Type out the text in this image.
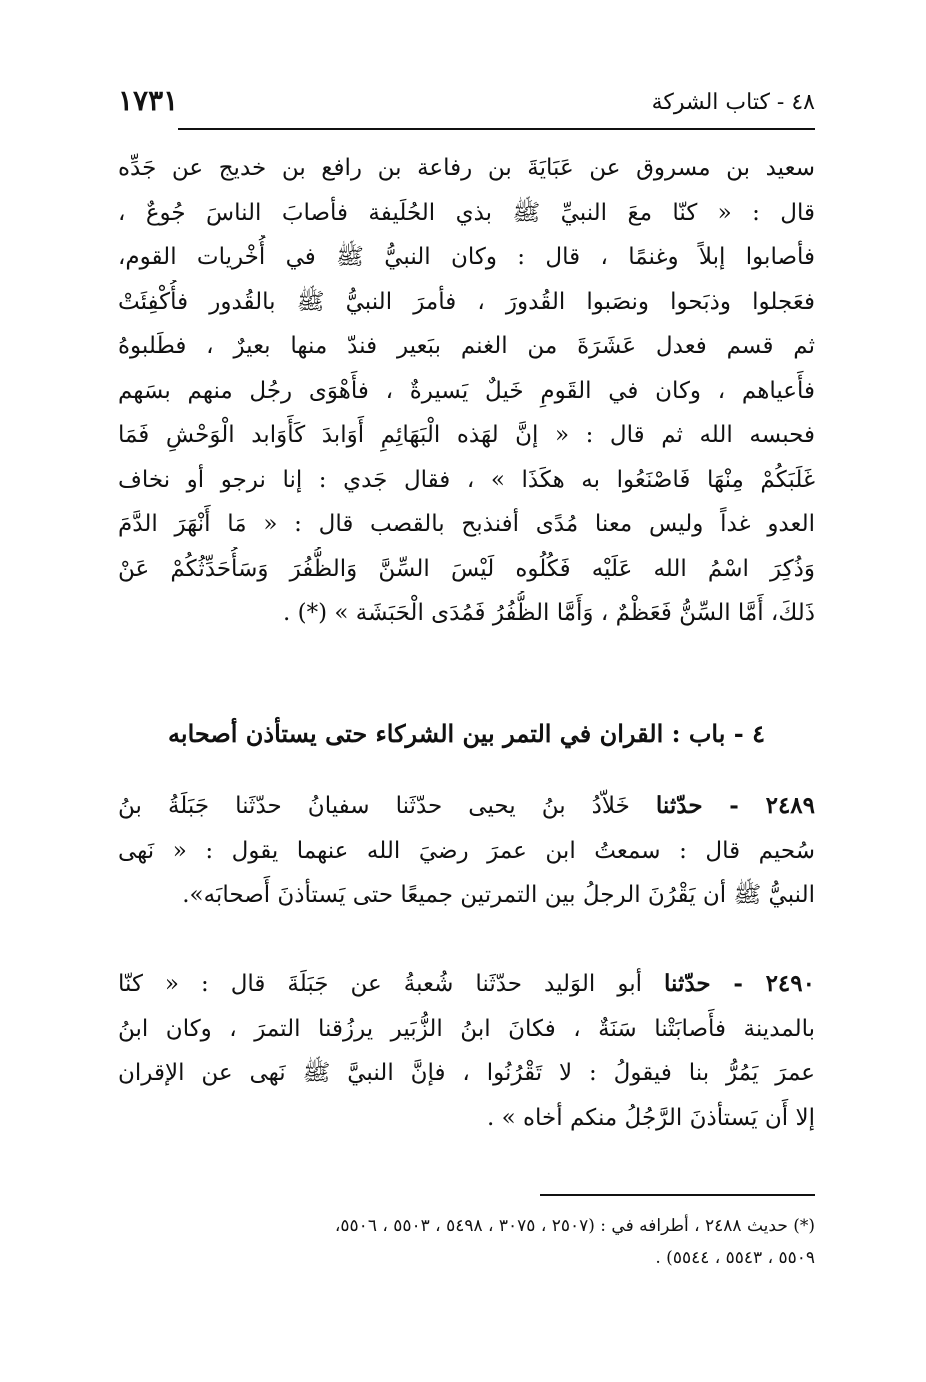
٤٨ - كتاب الشركة
١٧٣١
سعيد بن مسروق عن عَبَايَةَ بن رفاعة بن رافع بن خديج عن جَدِّه
قال : « كنّا معَ النبيِّ ﷺ بذي الحُلَيفة فأصابَ الناسَ جُوعٌ ،
فأصابوا إبلاً وغنمًا ، قال : وكان النبيُّ ﷺ في أُخْريات القوم،
فعَجلوا وذبَحوا ونصَبوا القُدورَ ، فأمرَ النبيُّ ﷺ بالقُدور فأُكْفِئَتْ
ثم قسم فعدل عَشَرَةَ من الغنم ببَعير فندّ منها بعيرٌ ، فطَلبوهُ
فأَعياهم ، وكان في القَومِ خَيلٌ يَسيرةٌ ، فأَهْوَى رجُل منهم بسَهم
فحبسه الله ثم قال : « إنَّ لهَذه الْبَهَائِمِ أَوَابدَ كَأَوَابد الْوَحْشِ فَمَا
غَلَبَكُمْ مِنْهَا فَاصْنَعُوا به هكَذَا » ، فقال جَدي : إنا نرجو أو نخاف
العدو غداً وليس معنا مُدًى أفنذبح بالقصب قال : « مَا أَنْهَرَ الدَّمَ
وَذُكِرَ اسْمُ الله عَلَيْه فَكُلُوه لَيْسَ السِّنَّ وَالظُّفُرَ وَسَأُحَدِّثُكُمْ عَنْ
ذَلكَ، أَمَّا السِّنُّ فَعَظْمٌ ، وَأَمَّا الظُّفُرُ فَمُدَى الْحَبَشَة » (*) .
٤ - باب : القران في التمر بين الشركاء حتى يستأذن أصحابه
٢٤٨٩ - حدّثنا خَلاّدُ بنُ يحيى حدّثَنا سفيانُ حدّثَنا جَبَلَةُ بنُ
سُحيم قال : سمعتُ ابن عمرَ رضيَ الله عنهما يقول : « نَهى
النبيُّ ﷺ أن يَقْرُنَ الرجلُ بين التمرتين جميعًا حتى يَستأذنَ أَصحابَه».
٢٤٩٠ - حدّثنا أبو الوَليد حدّثَنا شُعبةُ عن جَبَلَةَ قال : « كنّا
بالمدينة فأَصابَتْنا سَنَةٌ ، فكانَ ابنُ الزُّبَير يرزُقنا التمرَ ، وكان ابنُ
عمرَ يَمُرُّ بنا فيقولُ : لا تَقْرُنُوا ، فإنَّ النبيَّ ﷺ نَهى عن الإقران
إلا أَن يَستأذنَ الرَّجُلُ منكم أخاه » .
(*) حديث ٢٤٨٨ ، أطرافه في : (٢٥٠٧ ، ٣٠٧٥ ، ٥٤٩٨ ، ٥٥٠٣ ، ٥٥٠٦،
٥٥٠٩ ، ٥٥٤٣ ، ٥٥٤٤) .
